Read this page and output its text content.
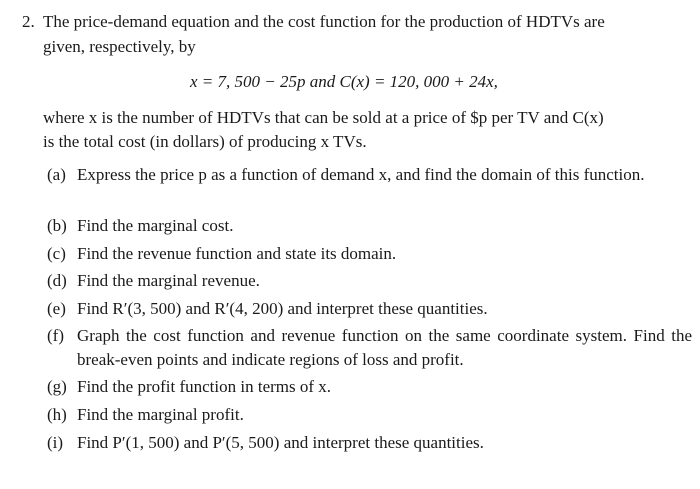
2. The price-demand equation and the cost function for the production of HDTVs are
given, respectively, by
x = 7, 500 − 25p and C(x) = 120, 000 + 24x,
where x is the number of HDTVs that can be sold at a price of $p per TV and C(x)
is the total cost (in dollars) of producing x TVs.
(a) Express the price p as a function of demand x, and find the domain of this function.
(b) Find the marginal cost.
(c) Find the revenue function and state its domain.
(d) Find the marginal revenue.
(e) Find R′(3, 500) and R′(4, 200) and interpret these quantities.
(f) Graph the cost function and revenue function on the same coordinate system. Find the break-even points and indicate regions of loss and profit.
(g) Find the profit function in terms of x.
(h) Find the marginal profit.
(i) Find P′(1, 500) and P′(5, 500) and interpret these quantities.
